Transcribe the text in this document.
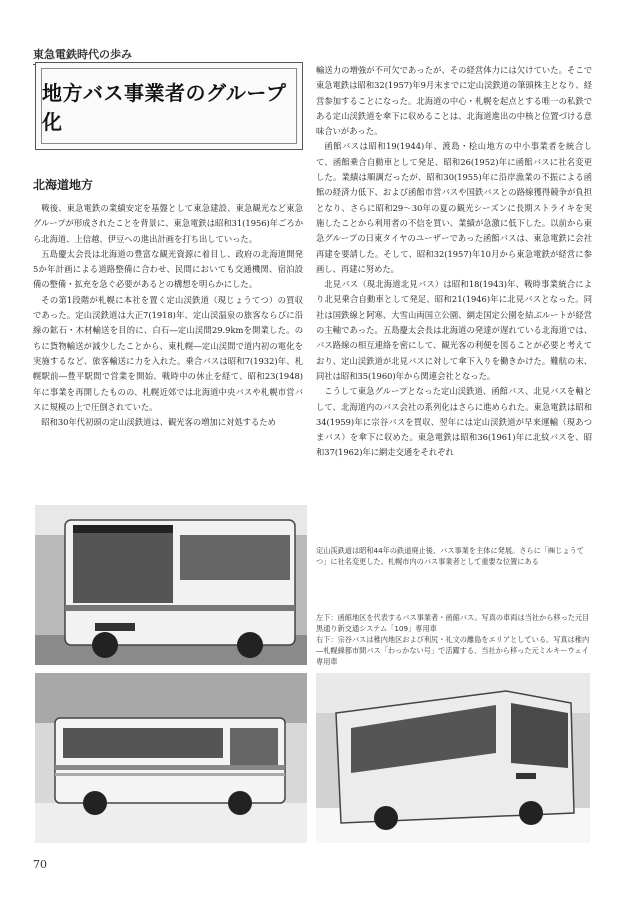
東急電鉄時代の歩み
地方バス事業者のグループ化
北海道地方

戦後、東急電鉄の業績安定を基盤として東急建設、東急観光など東急グループが形成されたことを背景に、東急電鉄は昭和31(1956)年ごろから北海道、上信越、伊豆への進出計画を打ち出していった。

五島慶太会長は北海道の豊富な観光資源に着目し、政府の北海道開発5か年計画による道路整備に合わせ、民間においても交通機関、宿泊設備の整備・拡充を急ぐ必要があるとの構想を明らかにした。

その第1段階が札幌に本社を置く定山渓鉄道（現じょうてつ）の買収であった。定山渓鉄道は大正7(1918)年、定山渓温泉の旅客ならびに沿線の鉱石・木材輸送を目的に、白石―定山渓間29.9kmを開業した。のちに貨物輸送が減少したことから、東札幌―定山渓間で道内初の電化を実施するなど、旅客輸送に力を入れた。乗合バスは昭和7(1932)年、札幌駅前―豊平駅間で営業を開始、戦時中の休止を経て、昭和23(1948)年に事業を再開したものの、札幌近郊では北海道中央バスや札幌市営バスに規模の上で圧倒されていた。

昭和30年代初頭の定山渓鉄道は、観光客の増加に対処するため

輸送力の増強が不可欠であったが、その経営体力には欠けていた。そこで東急電鉄は昭和32(1957)年9月末までに定山渓鉄道の筆頭株主となり、経営参加することになった。北海道の中心・札幌を起点とする唯一の私鉄である定山渓鉄道を傘下に収めることは、北海道進出の中核と位置づける意味合いがあった。

函館バスは昭和19(1944)年、渡島・桧山地方の中小事業者を統合して、函館乗合自動車として発足、昭和26(1952)年に函館バスに社名変更した。業績は順調だったが、昭和30(1955)年に沿岸漁業の不振による函館の経済力低下、および函館市営バスや国鉄バスとの路線獲得競争が負担となり、さらに昭和29～30年の夏の観光シーズンに長期ストライキを実施したことから利用者の不信を買い、業績が急激に低下した。以前から東急グループの日東タイヤのユーザーであった函館バスは、東急電鉄に会社再建を要請した。そして、昭和32(1957)年10月から東急電鉄が経営に参画し、再建に努めた。

北見バス（現北海道北見バス）は昭和18(1943)年、戦時事業統合により北見乗合自動車として発足、昭和21(1946)年に北見バスとなった。同社は国鉄線と阿寒、大雪山両国立公園、網走国定公園を結ぶルートが経営の主軸であった。五島慶太会長は北海道の発達が遅れている北海道では、バス路線の相互連絡を密にして、観光客の利便を図ることが必要と考えており、定山渓鉄道が北見バスに対して傘下入りを働きかけた。難航の末、同社は昭和35(1960)年から関連会社となった。

こうして東急グループとなった定山渓鉄道、函館バス、北見バスを軸として、北海道内のバス会社の系列化はさらに進められた。東急電鉄は昭和34(1959)年に宗谷バスを買収、翌年には定山渓鉄道が早来運輸（現あつまバス）を傘下に収めた。東急電鉄は昭和36(1961)年に北紋バスを、昭和37(1962)年に網走交通をそれぞれ

定山渓鉄道は昭和44年の鉄道廃止後、バス事業を主体に発展。さらに「㈱じょうてつ」に社名変更した。札幌市内のバス事業者として重要な位置にある
左下：函館地区を代表するバス事業者・函館バス。写真の車両は当社から移った元目黒通り新交通システム「109」専用車
右下：宗谷バスは稚内地区および利尻・礼文の離島をエリアとしている。写真は稚内―札幌線都市間バス「わっかない号」で活躍する、当社から移った元ミルキーウェイ専用車
70
